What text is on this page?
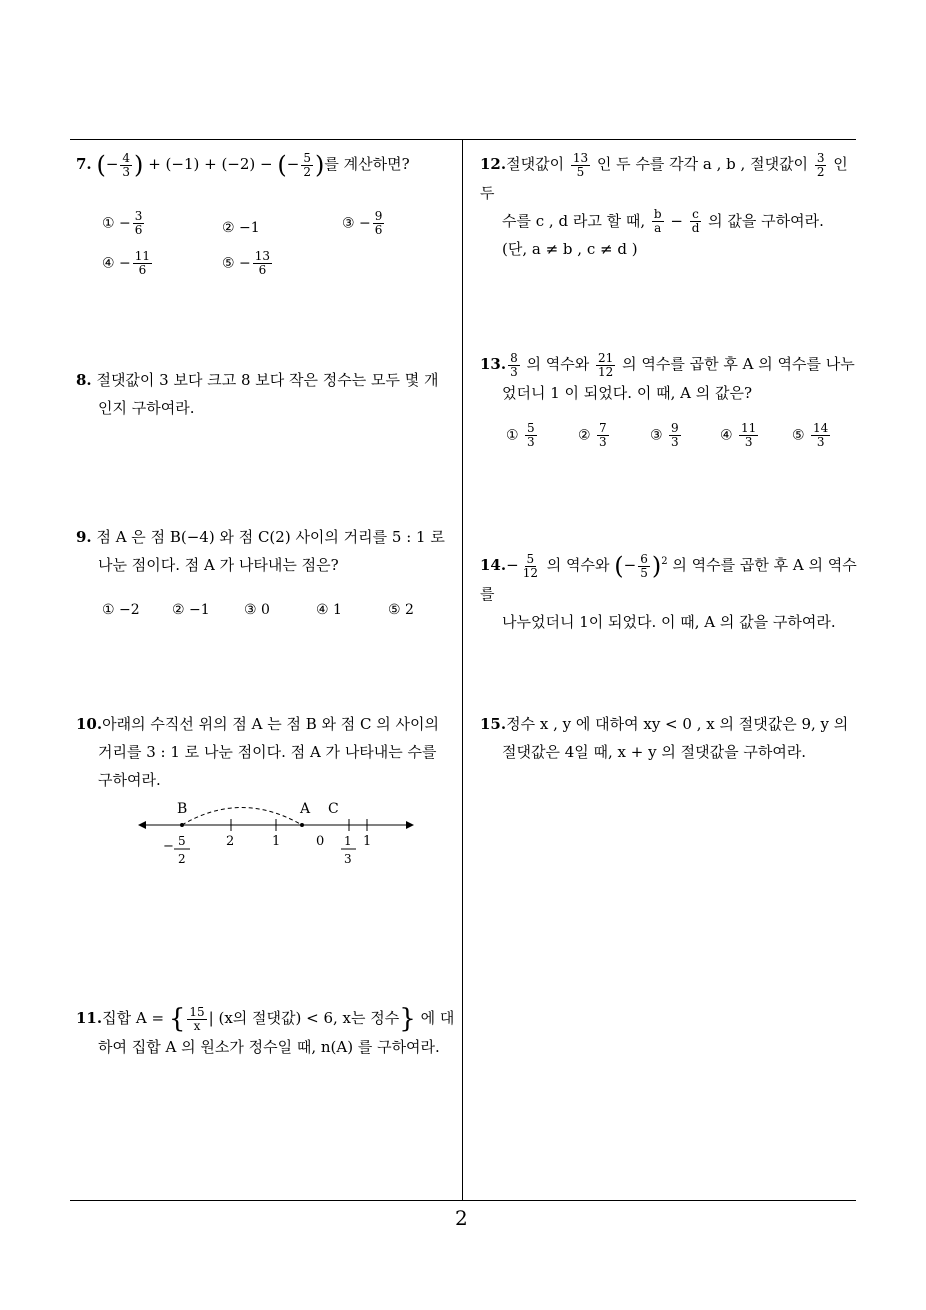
7. (− $\frac{4}{3}$ ) + (−1) + (−2) − (− $\frac{5}{2}$ )를 계산하면?
① − $\frac{3}{6}$	② −1	③ − $\frac{9}{6}$
④ − $\frac{11}{6}$	⑤ − $\frac{13}{6}$
8. 절댓값이 3 보다 크고 8 보다 작은 정수는 모두 몇 개
인지 구하여라.
9. 점 A 은 점 B(−4) 와 점 C(2) 사이의 거리를 5 : 1 로
나눈 점이다. 점 A 가 나타내는 점은?
① −2 ② −1 ③ 0	④ 1	⑤ 2
10.아래의 수직선 위의 점 A 는 점 B 와 점 C 의 사이의
거리를 3 : 1 로 나눈 점이다. 점 A 가 나타내는 수를
구하여라.
B	A C
2	1	0	1
− 5
2
1
3
11.집합 A = { $\frac{15}{x}$ | (x의 절댓값) < 6, x는 정수} 에 대
하여 집합 A 의 원소가 정수일 때, n(A) 를 구하여라.
12.절댓값이 $\frac{13}{5}$ 인 두 수를 각각 a , b , 절댓값이 $\frac{3}{2}$ 인 두
수를 c , d 라고 할 때, $\frac{b}{a} - \frac{c}{d}$ 의 값을 구하여라.
(단, a ≠ b , c ≠ d )
13. $\frac{8}{3}$ 의 역수와 $\frac{21}{12}$ 의 역수를 곱한 후 A 의 역수를 나누
었더니 1 이 되었다. 이 때, A 의 값은?
① $\frac{5}{3}$	② $\frac{7}{3}$	③ $\frac{9}{3}$	④ $\frac{11}{3}$ ⑤ $\frac{14}{3}$
$14.- \frac{5}{12}$ 의 역수와 (− $\frac{6}{5} )^2$ 의 역수를 곱한 후 A 의 역수를
나누었더니 1이 되었다. 이 때, A 의 값을 구하여라.
15.정수 x , y 에 대하여 xy < 0 , x 의 절댓값은 9, y 의
절댓값은 4일 때, x + y 의 절댓값을 구하여라.
2
